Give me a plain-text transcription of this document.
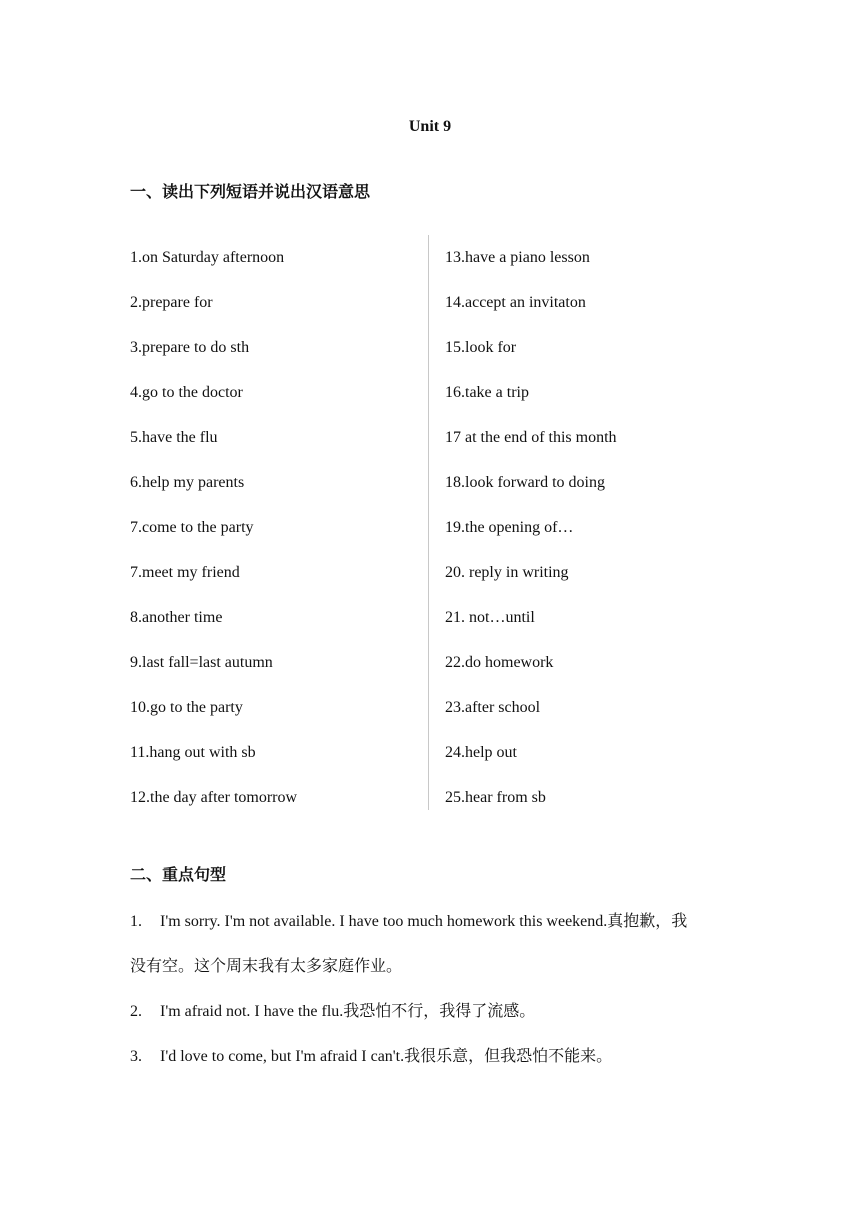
Unit 9
一、读出下列短语并说出汉语意思
1.on Saturday afternoon
2.prepare for
3.prepare to do sth
4.go to the doctor
5.have the flu
6.help my parents
7.come to the party
7.meet my friend
8.another time
9.last fall=last autumn
10.go to the party
11.hang out with sb
12.the day after tomorrow
13.have a piano lesson
14.accept an invitaton
15.look for
16.take a trip
17 at the end of this month
18.look forward to doing
19.the opening of…
20. reply in writing
21. not…until
22.do homework
23.after school
24.help out
25.hear from sb
二、重点句型
1. I'm sorry. I'm not available. I have too much homework this weekend.真抱歉，我
没有空。这个周末我有太多家庭作业。
2. I'm afraid not. I have the flu.我恐怕不行，我得了流感。
3. I'd love to come, but I'm afraid I can't.我很乐意，但我恐怕不能来。
